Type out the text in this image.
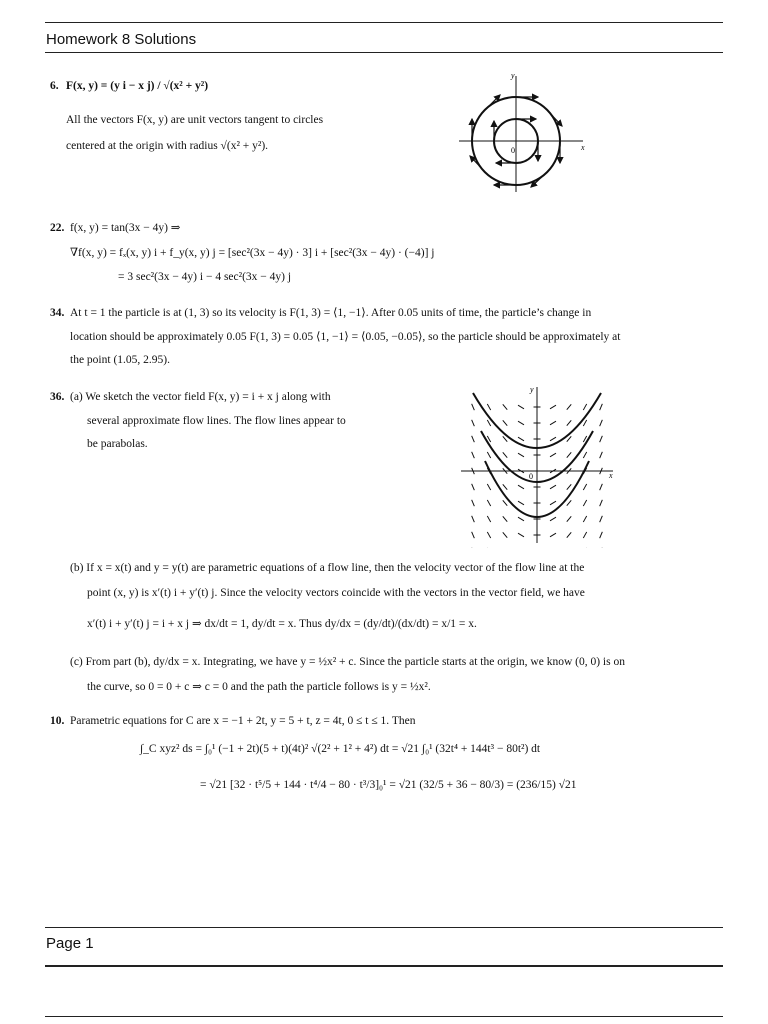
Homework 8 Solutions
6. F(x, y) = (y i − x j) / √(x² + y²)
All the vectors F(x, y) are unit vectors tangent to circles
centered at the origin with radius √(x² + y²).	0	x
y
22. f(x, y) = tan(3x − 4y) ⇒
∇f(x, y) = fₓ(x, y) i + f_y(x, y) j = [sec²(3x − 4y) · 3] i + [sec²(3x − 4y) · (−4)] j
= 3 sec²(3x − 4y) i − 4 sec²(3x − 4y) j
34. At t = 1 the particle is at (1, 3) so its velocity is F(1, 3) = ⟨1, −1⟩. After 0.05 units of time, the particle’s change in
location should be approximately 0.05 F(1, 3) = 0.05 ⟨1, −1⟩ = ⟨0.05, −0.05⟩, so the particle should be approximately at
the point (1.05, 2.95).
36. (a) We sketch the vector field F(x, y) = i + x j along with
several approximate flow lines. The flow lines appear to
be parabolas.
0	x
y
(b) If x = x(t) and y = y(t) are parametric equations of a flow line, then the velocity vector of the flow line at the
point (x, y) is x′(t) i + y′(t) j. Since the velocity vectors coincide with the vectors in the vector field, we have
x′(t) i + y′(t) j = i + x j ⇒ dx/dt = 1, dy/dt = x. Thus dy/dx = (dy/dt)/(dx/dt) = x/1 = x.
(c) From part (b), dy/dx = x. Integrating, we have y = ½x² + c. Since the particle starts at the origin, we know (0, 0) is on
the curve, so 0 = 0 + c ⇒ c = 0 and the path the particle follows is y = ½x².
10. Parametric equations for C are x = −1 + 2t, y = 5 + t, z = 4t, 0 ≤ t ≤ 1. Then
∫_C xyz² ds = ∫₀¹ (−1 + 2t)(5 + t)(4t)² √(2² + 1² + 4²) dt = √21 ∫₀¹ (32t⁴ + 144t³ − 80t²) dt
= √21 [32 · t⁵/5 + 144 · t⁴/4 − 80 · t³/3]₀¹ = √21 (32/5 + 36 − 80/3) = (236/15) √21
Page 1
